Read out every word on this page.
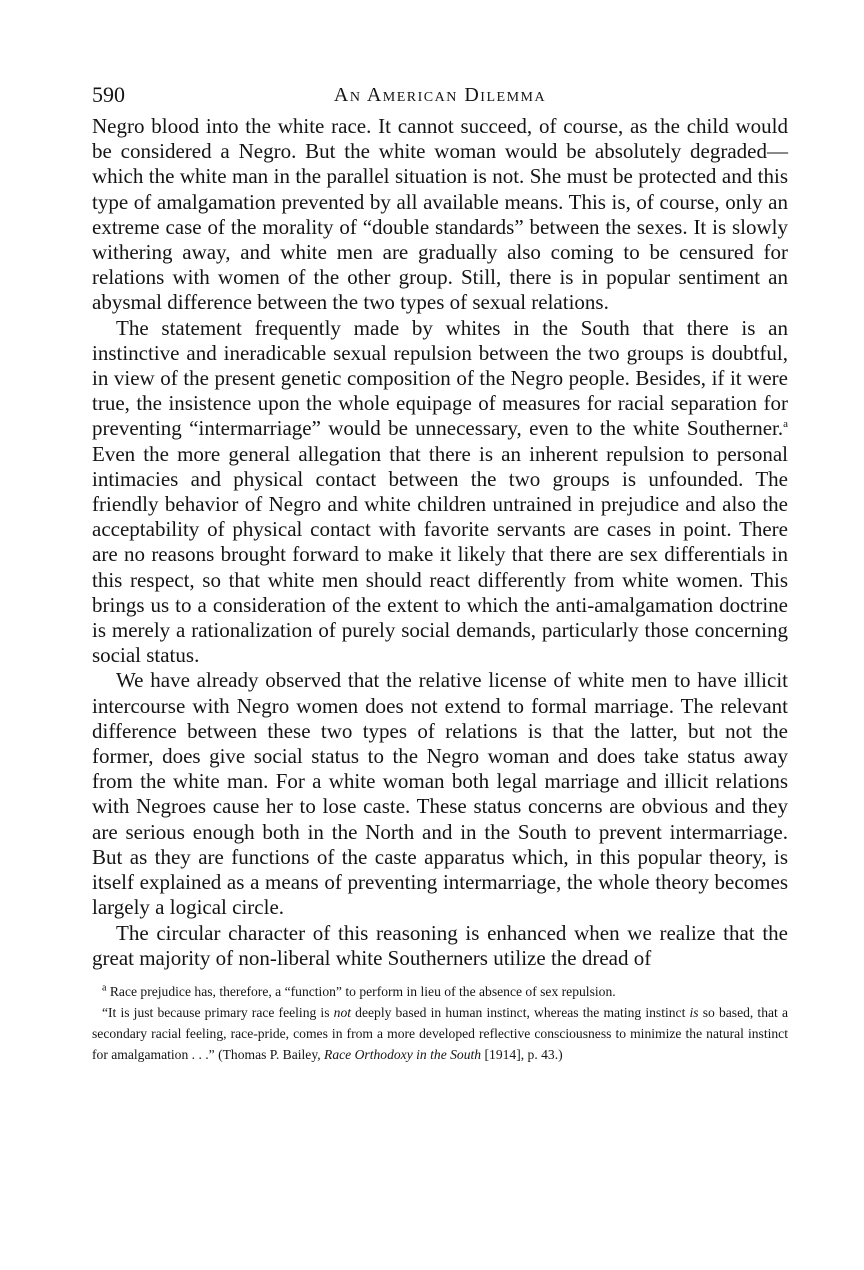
590	An American Dilemma

Negro blood into the white race. It cannot succeed, of course, as the child would be considered a Negro. But the white woman would be absolutely degraded—which the white man in the parallel situation is not. She must be protected and this type of amalgamation prevented by all available means. This is, of course, only an extreme case of the morality of “double standards” between the sexes. It is slowly withering away, and white men are gradually also coming to be censured for relations with women of the other group. Still, there is in popular sentiment an abysmal difference between the two types of sexual relations.

The statement frequently made by whites in the South that there is an instinctive and ineradicable sexual repulsion between the two groups is doubtful, in view of the present genetic composition of the Negro people. Besides, if it were true, the insistence upon the whole equipage of measures for racial separation for preventing “intermarriage” would be unnecessary, even to the white Southerner.$^a$ Even the more general allegation that there is an inherent repulsion to personal intimacies and physical contact between the two groups is unfounded. The friendly behavior of Negro and white children untrained in prejudice and also the acceptability of physical contact with favorite servants are cases in point. There are no reasons brought forward to make it likely that there are sex differentials in this respect, so that white men should react differently from white women. This brings us to a consideration of the extent to which the anti-amalgamation doctrine is merely a rationalization of purely social demands, particularly those concerning social status.

We have already observed that the relative license of white men to have illicit intercourse with Negro women does not extend to formal marriage. The relevant difference between these two types of relations is that the latter, but not the former, does give social status to the Negro woman and does take status away from the white man. For a white woman both legal marriage and illicit relations with Negroes cause her to lose caste. These status concerns are obvious and they are serious enough both in the North and in the South to prevent intermarriage. But as they are functions of the caste apparatus which, in this popular theory, is itself explained as a means of preventing intermarriage, the whole theory becomes largely a logical circle.

The circular character of this reasoning is enhanced when we realize that the great majority of non-liberal white Southerners utilize the dread of

$^a$ Race prejudice has, therefore, a “function” to perform in lieu of the absence of sex repulsion.

“It is just because primary race feeling is not deeply based in human instinct, whereas the mating instinct is so based, that a secondary racial feeling, race-pride, comes in from a more developed reflective consciousness to minimize the natural instinct for amalgamation . . .” (Thomas P. Bailey, Race Orthodoxy in the South [1914], p. 43.)
